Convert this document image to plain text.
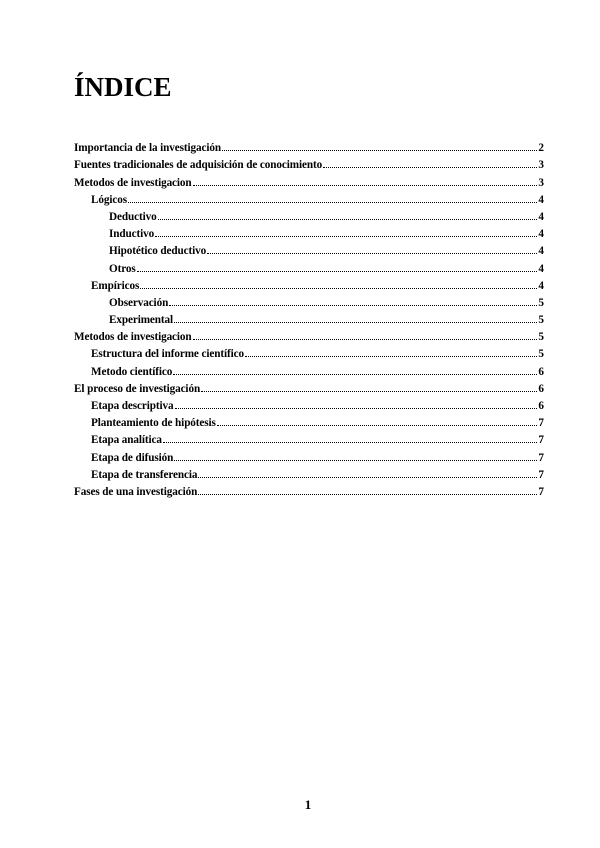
ÍNDICE
Importancia de la investigación	2
Fuentes tradicionales de adquisición de conocimiento	3
Metodos de investigacion	3
Lógicos	4
Deductivo	4
Inductivo	4
Hipotético deductivo	4
Otros	4
Empíricos	4
Observación	5
Experimental	5
Metodos de investigacion	5
Estructura del informe científico	5
Metodo científico	6
El proceso de investigación	6
Etapa descriptiva	6
Planteamiento de hipótesis	7
Etapa analítica	7
Etapa de difusión	7
Etapa de transferencia	7
Fases de una investigación	7
1
